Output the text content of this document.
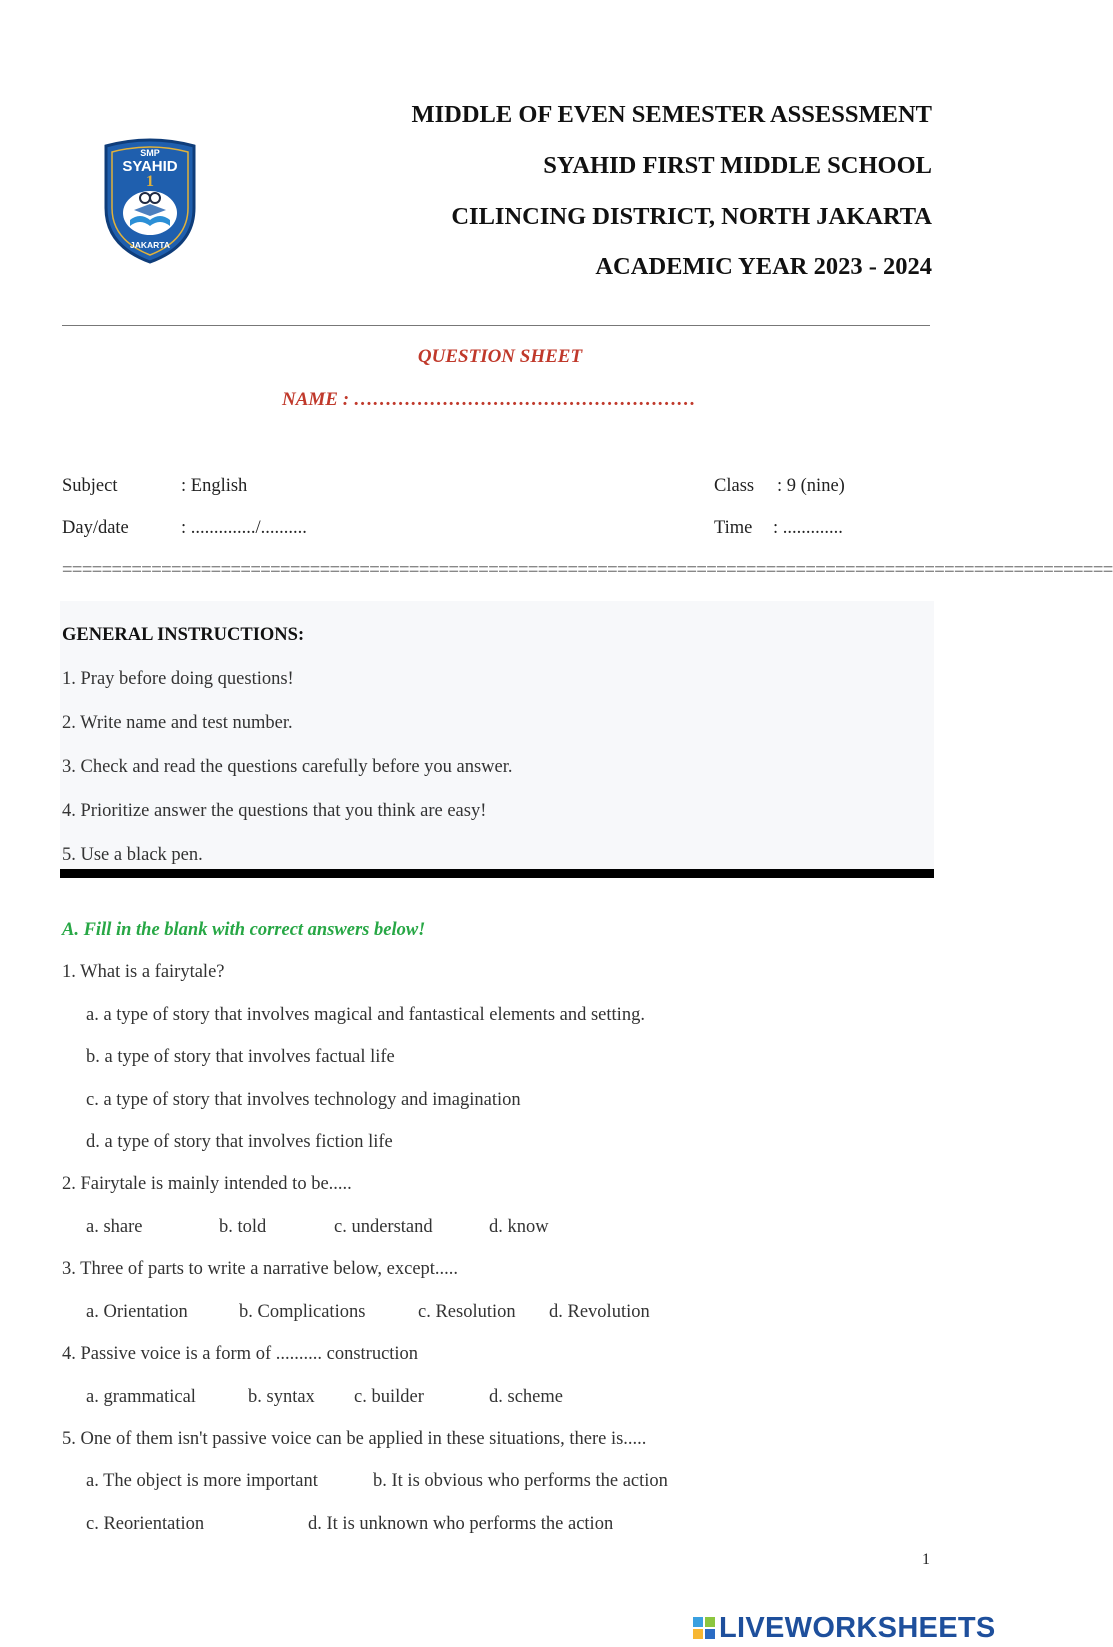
SMP
SYAHID
1
JAKARTA
MIDDLE OF EVEN SEMESTER ASSESSMENT
SYAHID FIRST MIDDLE SCHOOL
CILINCING DISTRICT, NORTH JAKARTA
ACADEMIC YEAR 2023 - 2024
QUESTION SHEET
NAME : ………………………………………………
Subject	: English	Class : 9 (nine)
Day/date	: ............../..........	Time : .............
==========================================================================================================
GENERAL INSTRUCTIONS:
1. Pray before doing questions!
2. Write name and test number.
3. Check and read the questions carefully before you answer.
4. Prioritize answer the questions that you think are easy!
5. Use a black pen.
A. Fill in the blank with correct answers below!
1. What is a fairytale?
a. a type of story that involves magical and fantastical elements and setting.
b. a type of story that involves factual life
c. a type of story that involves technology and imagination
d. a type of story that involves fiction life
2. Fairytale is mainly intended to be.....
a. share	b. told	c. understand	d. know
3. Three of parts to write a narrative below, except.....
a. Orientation	b. Complications	c. Resolution d. Revolution
4. Passive voice is a form of .......... construction
a. grammatical	b. syntax c. builder	d. scheme
5. One of them isn't passive voice can be applied in these situations, there is.....
a. The object is more important	b. It is obvious who performs the action
c. Reorientation	d. It is unknown who performs the action
1
LIVEWORKSHEETS
